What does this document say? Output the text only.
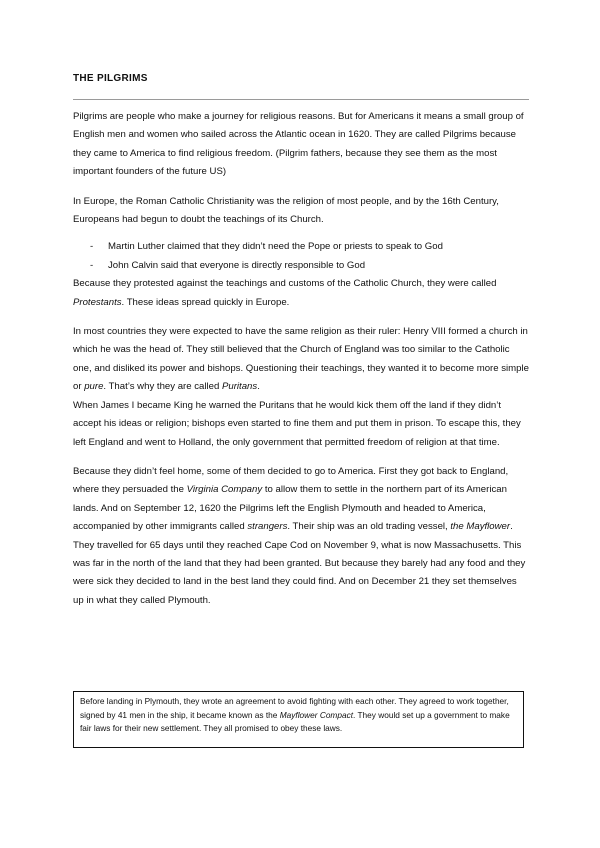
THE PILGRIMS

Pilgrims are people who make a journey for religious reasons. But for Americans it means a small group of English men and women who sailed across the Atlantic ocean in 1620. They are called Pilgrims because they came to America to find religious freedom. (Pilgrim fathers, because they see them as the most important founders of the future US)

In Europe, the Roman Catholic Christianity was the religion of most people, and by the 16th Century, Europeans had begun to doubt the teachings of its Church.

- Martin Luther claimed that they didn’t need the Pope or priests to speak to God
- John Calvin said that everyone is directly responsible to God

Because they protested against the teachings and customs of the Catholic Church, they were called Protestants. These ideas spread quickly in Europe.

In most countries they were expected to have the same religion as their ruler: Henry VIII formed a church in which he was the head of. They still believed that the Church of England was too similar to the Catholic one, and disliked its power and bishops. Questioning their teachings, they wanted it to become more simple or pure. That’s why they are called Puritans.

When James I became King he warned the Puritans that he would kick them off the land if they didn’t accept his ideas or religion; bishops even started to fine them and put them in prison. To escape this, they left England and went to Holland, the only government that permitted freedom of religion at that time.

Because they didn’t feel home, some of them decided to go to America. First they got back to England, where they persuaded the Virginia Company to allow them to settle in the northern part of its American lands. And on September 12, 1620 the Pilgrims left the English Plymouth and headed to America, accompanied by other immigrants called strangers. Their ship was an old trading vessel, the Mayflower. They travelled for 65 days until they reached Cape Cod on November 9, what is now Massachusetts. This was far in the north of the land that they had been granted. But because they barely had any food and they were sick they decided to land in the best land they could find. And on December 21 they set themselves up in what they called Plymouth.

Before landing in Plymouth, they wrote an agreement to avoid fighting with each other. They agreed to work together, signed by 41 men in the ship, it became known as the Mayflower Compact. They would set up a government to make fair laws for their new settlement. They all promised to obey these laws.
